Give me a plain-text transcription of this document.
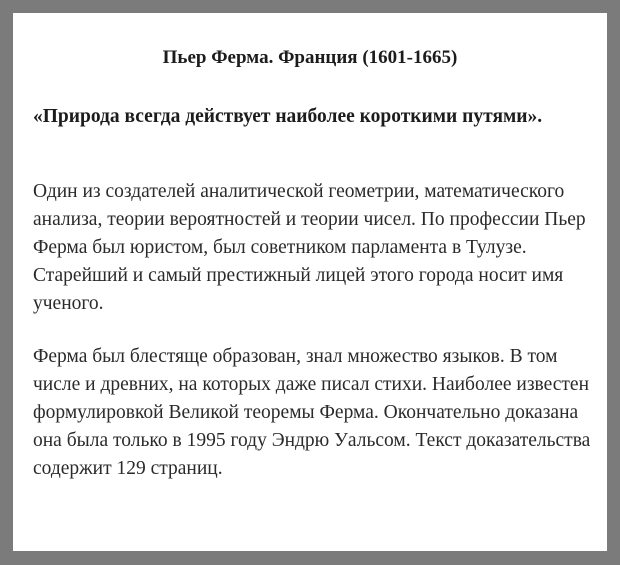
Пьер Ферма. Франция (1601-1665)
«Природа всегда действует наиболее короткими путями».
Один из создателей аналитической геометрии, математического анализа, теории вероятностей и теории чисел. По профессии Пьер Ферма был юристом, был советником парламента в Тулузе. Старейший и самый престижный лицей этого города носит имя ученого.
Ферма был блестяще образован, знал множество языков. В том числе и древних, на которых даже писал стихи. Наиболее известен формулировкой Великой теоремы Ферма. Окончательно доказана она была только в 1995 году Эндрю Уальсом. Текст доказательства содержит 129 страниц.
